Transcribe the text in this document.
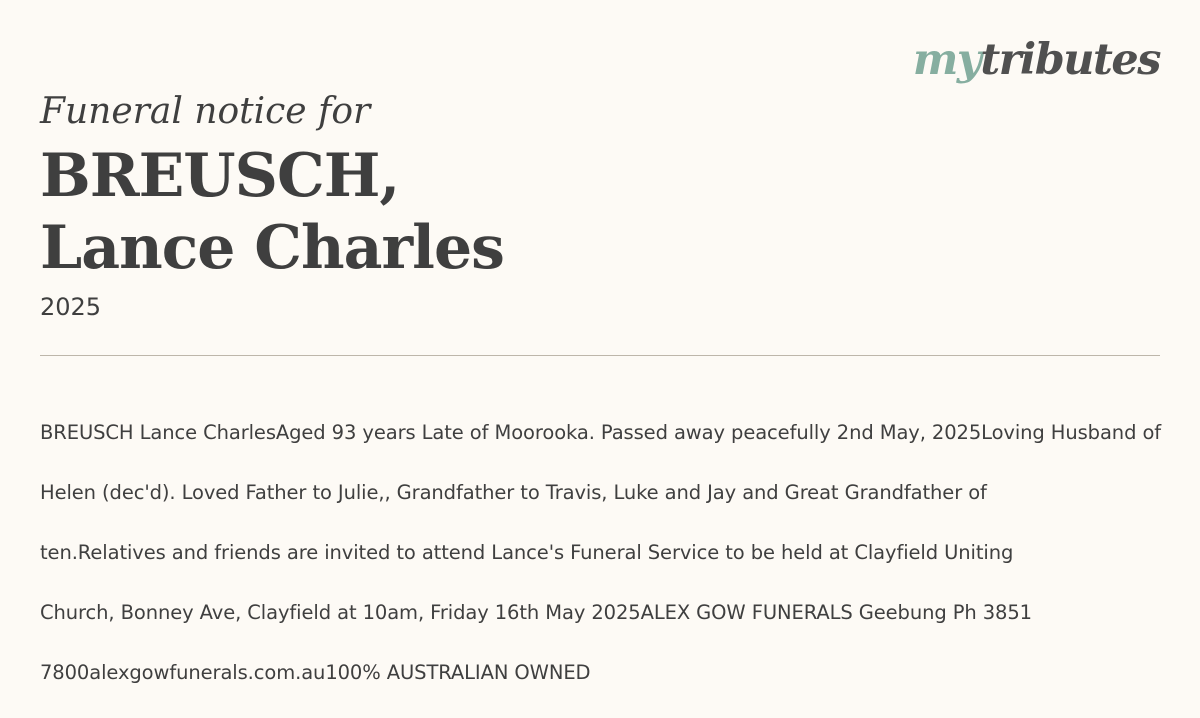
mytributes
Funeral notice for
BREUSCH,
Lance Charles
2025

BREUSCH Lance CharlesAged 93 years Late of Moorooka. Passed away peacefully 2nd May, 2025Loving Husband of

Helen (dec'd). Loved Father to Julie,, Grandfather to Travis, Luke and Jay and Great Grandfather of

ten.Relatives and friends are invited to attend Lance's Funeral Service to be held at Clayfield Uniting

Church, Bonney Ave, Clayfield at 10am, Friday 16th May 2025ALEX GOW FUNERALS Geebung Ph 3851

7800alexgowfunerals.com.au100% AUSTRALIAN OWNED
